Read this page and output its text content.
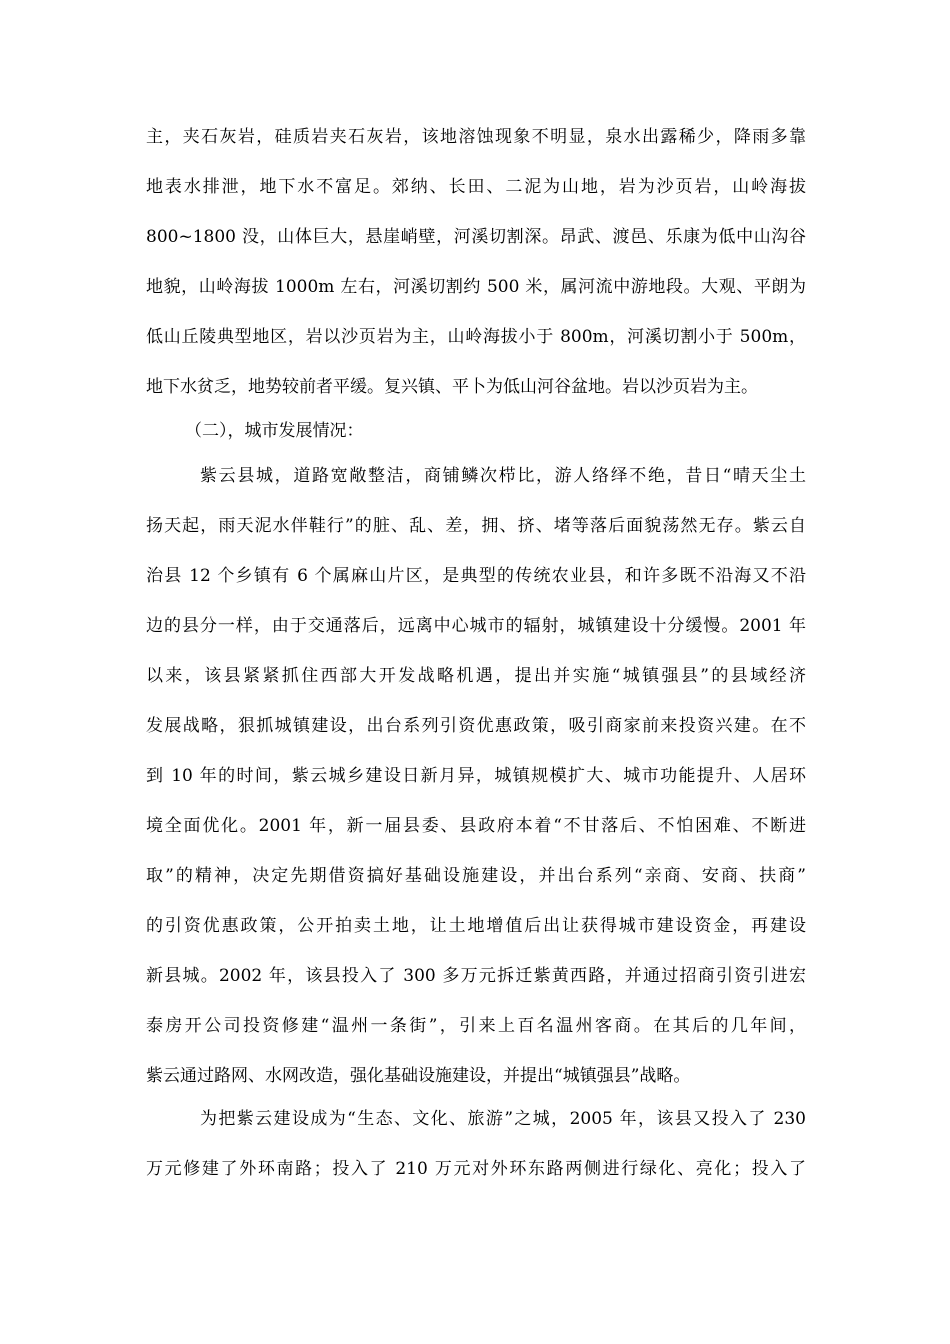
主，夹石灰岩，硅质岩夹石灰岩，该地溶蚀现象不明显，泉水出露稀少，降雨多靠
地表水排泄，地下水不富足。郊纳、长田、二泥为山地，岩为沙页岩，山岭海拔
800~1800 没，山体巨大，悬崖峭壁，河溪切割深。昂武、渡邑、乐康为低中山沟谷
地貌，山岭海拔 1000m 左右，河溪切割约 500 米，属河流中游地段。大观、平朗为
低山丘陵典型地区，岩以沙页岩为主，山岭海拔小于 800m，河溪切割小于 500m，
地下水贫乏，地势较前者平缓。复兴镇、平卜为低山河谷盆地。岩以沙页岩为主。
（二），城市发展情况：
紫云县城，道路宽敞整洁，商铺鳞次栉比，游人络绎不绝，昔日“晴天尘土
扬天起，雨天泥水伴鞋行”的脏、乱、差，拥、挤、堵等落后面貌荡然无存。紫云自
治县 12 个乡镇有 6 个属麻山片区，是典型的传统农业县，和许多既不沿海又不沿
边的县分一样，由于交通落后，远离中心城市的辐射，城镇建设十分缓慢。2001 年
以来，该县紧紧抓住西部大开发战略机遇，提出并实施“城镇强县”的县域经济
发展战略，狠抓城镇建设，出台系列引资优惠政策，吸引商家前来投资兴建。在不
到 10 年的时间，紫云城乡建设日新月异，城镇规模扩大、城市功能提升、人居环
境全面优化。2001 年，新一届县委、县政府本着“不甘落后、不怕困难、不断进
取”的精神，决定先期借资搞好基础设施建设，并出台系列“亲商、安商、扶商”
的引资优惠政策，公开拍卖土地，让土地增值后出让获得城市建设资金，再建设
新县城。2002 年，该县投入了 300 多万元拆迁紫黄西路，并通过招商引资引进宏
泰房开公司投资修建“温州一条街”，引来上百名温州客商。在其后的几年间，
紫云通过路网、水网改造，强化基础设施建设，并提出“城镇强县”战略。
为把紫云建设成为“生态、文化、旅游”之城，2005 年，该县又投入了 230
万元修建了外环南路；投入了 210 万元对外环东路两侧进行绿化、亮化；投入了
